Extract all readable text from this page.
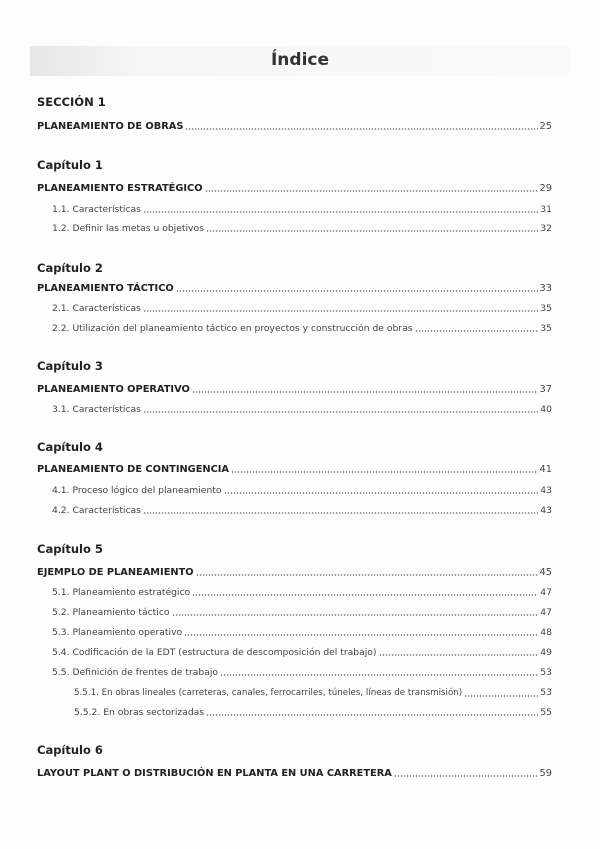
Índice
SECCIÓN 1
PLANEAMIENTO DE OBRAS	25
Capítulo 1
PLANEAMIENTO ESTRATÉGICO	29
1.1. Características	31
1.2. Definir las metas u objetivos	32
Capítulo 2
PLANEAMIENTO TÁCTICO	33
2.1. Características	35
2.2. Utilización del planeamiento táctico en proyectos y construcción de obras	35
Capítulo 3
PLANEAMIENTO OPERATIVO	37
3.1. Características	40
Capítulo 4
PLANEAMIENTO DE CONTINGENCIA	41
4.1. Proceso lógico del planeamiento	43
4.2. Características	43
Capítulo 5
EJEMPLO DE PLANEAMIENTO	45
5.1. Planeamiento estratégico	47
5.2. Planeamiento táctico	47
5.3. Planeamiento operativo	48
5.4. Codificación de la EDT (estructura de descomposición del trabajo)	49
5.5. Definición de frentes de trabajo	53
5.5.1. En obras lineales (carreteras, canales, ferrocarriles, túneles, líneas de transmisión)	53
5.5.2. En obras sectorizadas	55
Capítulo 6
LAYOUT PLANT O DISTRIBUCIÓN EN PLANTA EN UNA CARRETERA	59
